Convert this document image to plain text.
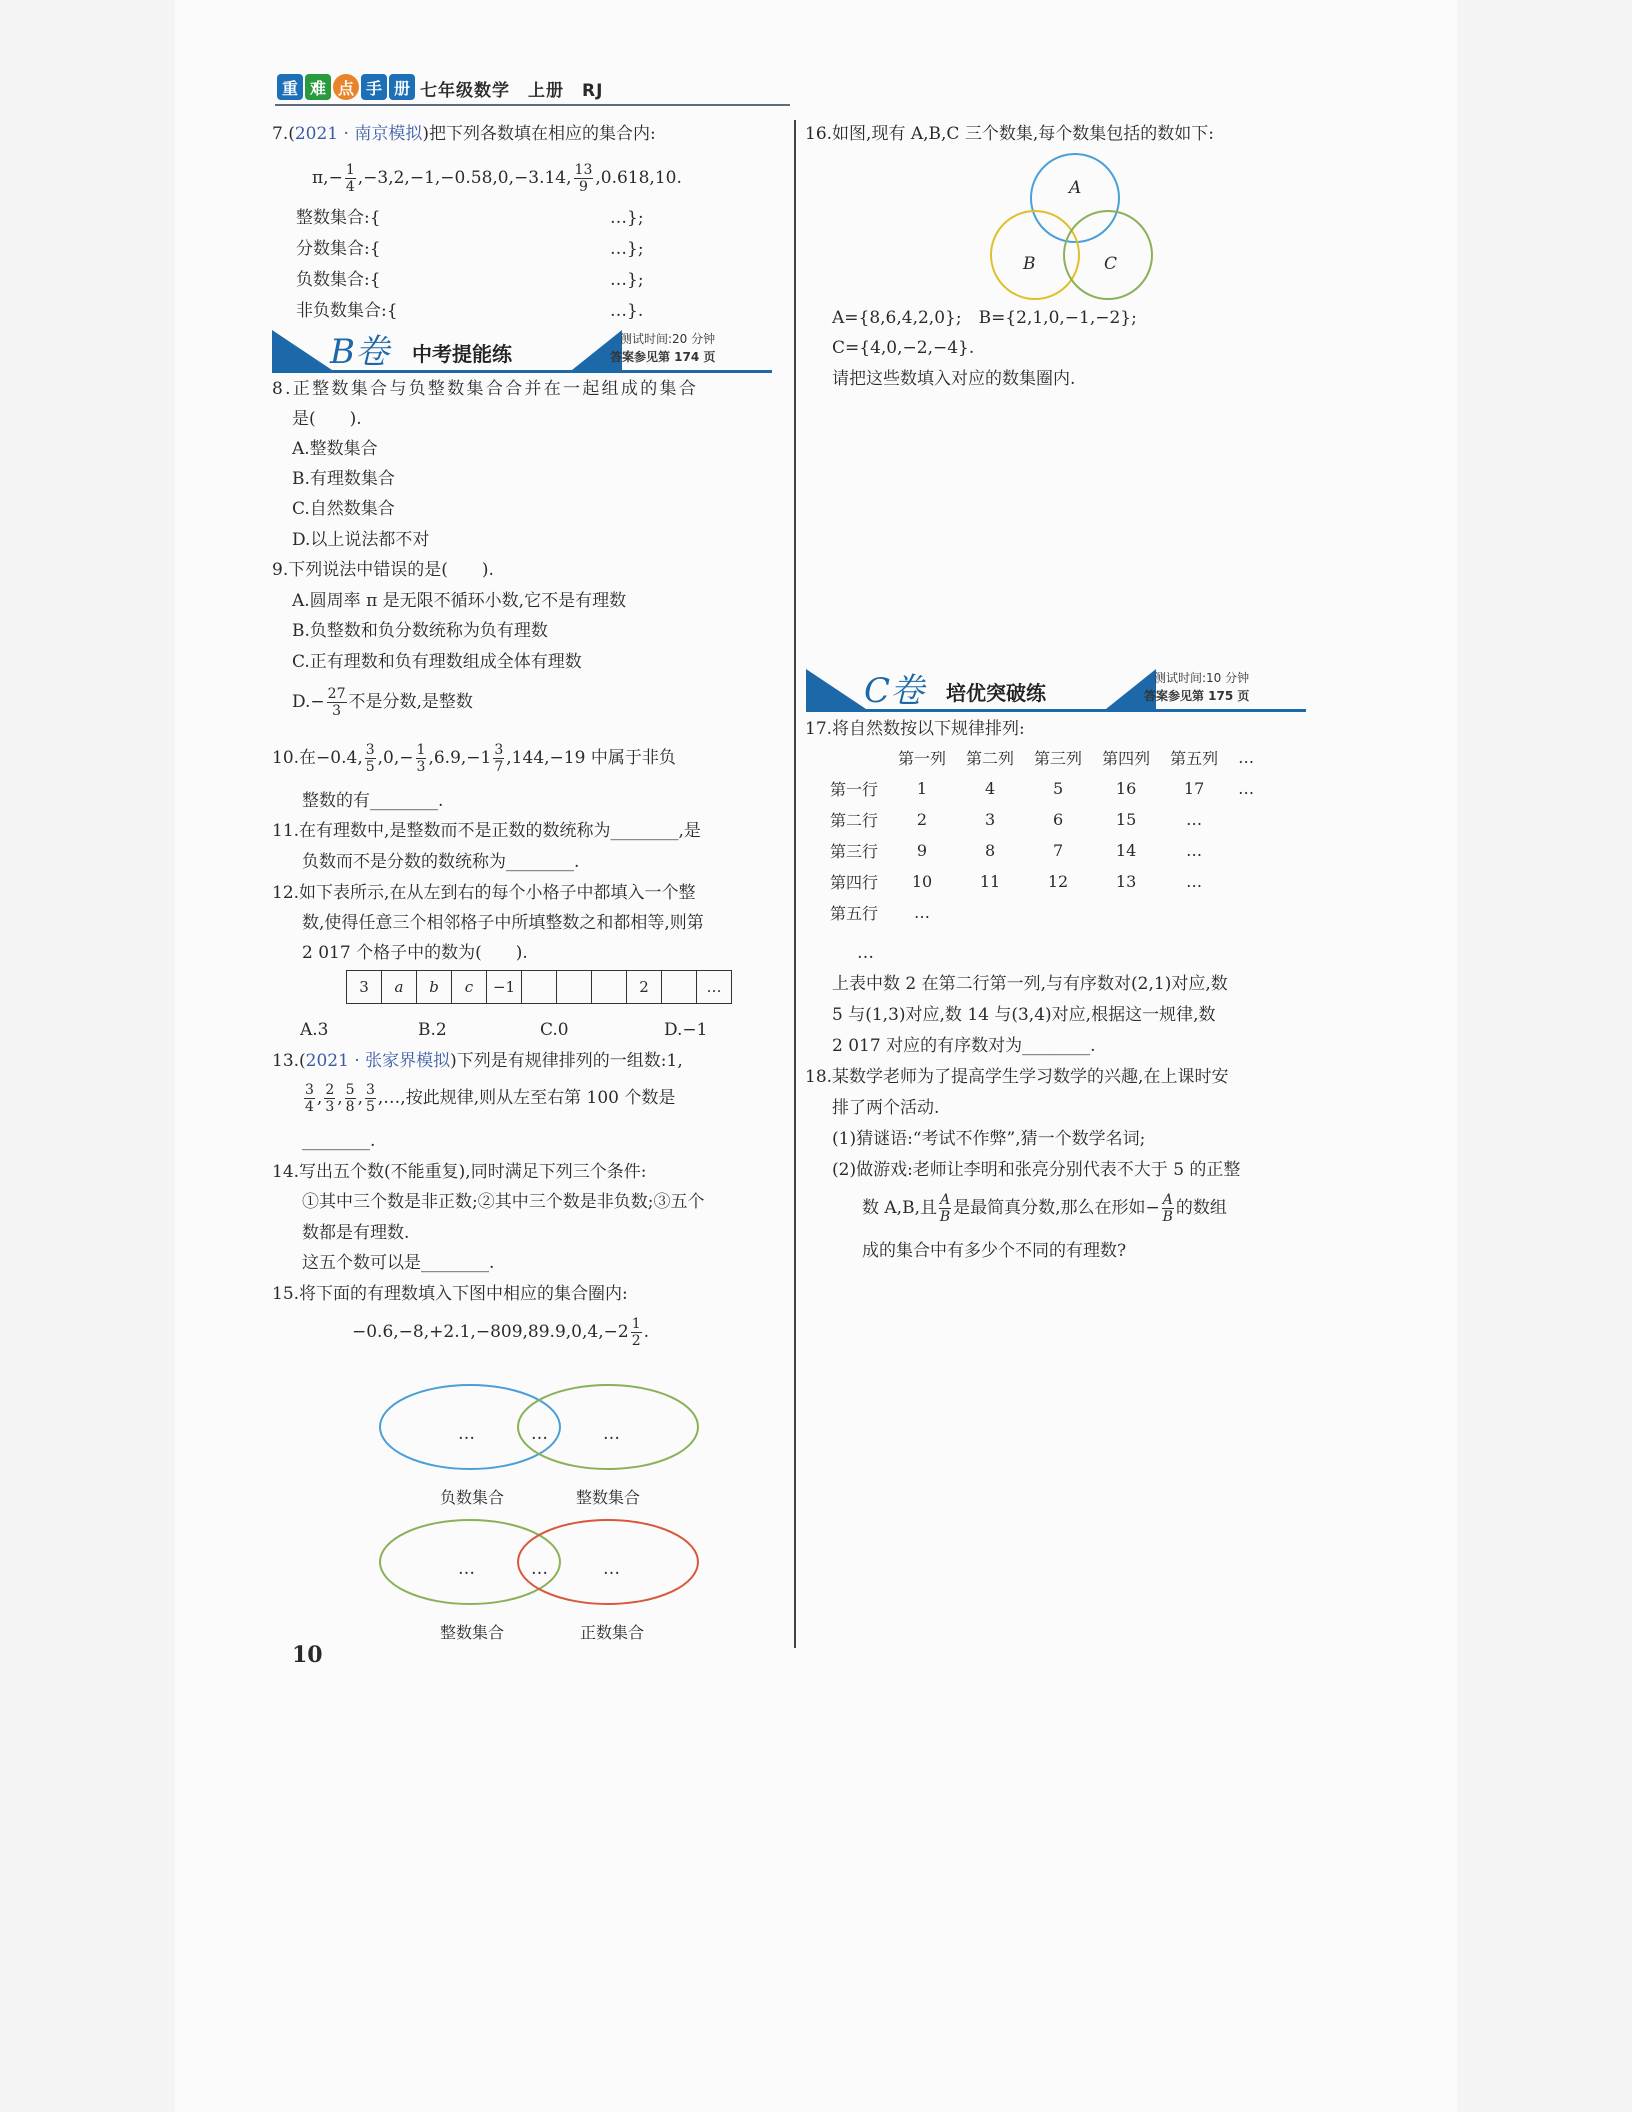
重 难 点 手 册 七年级数学　上册　RJ
7.(2021 · 南京模拟)把下列各数填在相应的集合内:
$\pi,- \frac{1}{4} ,-3,2,-1,-0.58,0,-3.14$, $\frac{13}{9} ,0.618,10$.
整数集合:{	…};
分数集合:{	…};
负数集合:{	…};
非负数集合:{	…}.
B卷 中考提能练
测试时间:20 分钟
答案参见第 174 页
8.正整数集合与负整数集合合并在一起组成的集合
是(　　).
A.整数集合
B.有理数集合
C.自然数集合
D.以上说法都不对
9.下列说法中错误的是(　　).
A.圆周率 π 是无限不循环小数,它不是有理数
B.负整数和负分数统称为负有理数
C.正有理数和负有理数组成全体有理数
$D.- \frac{27}{3}$ 不是分数,是整数
10.在−0.4, $\frac{3}{5} ,0,- \frac{1}{3} ,6.9,-1 \frac{3}{7} ,144,-19$ 中属于非负
整数的有________.
11.在有理数中,是整数而不是正数的数统称为________,是
负数而不是分数的数统称为________.
12.如下表所示,在从左到右的每个小格子中都填入一个整
数,使得任意三个相邻格子中所填整数之和都相等,则第
2 017 个格子中的数为(　　).
3	a	b	c	−1				2		…
A.3	B.2	C.0	D.−1
13.(2021 · 张家界模拟)下列是有规律排列的一组数:1,
$\frac{3}{4}$ , $\frac{2}{3}$ , $\frac{5}{8}$ , $\frac{3}{5}$ ,…,按此规律,则从左至右第 100 个数是
________.
14.写出五个数(不能重复),同时满足下列三个条件:
①其中三个数是非正数;②其中三个数是非负数;③五个
数都是有理数.
这五个数可以是________.
15.将下面的有理数填入下图中相应的集合圈内:
$-0.6,-8,+2.1,-809,89.9,0,4,-2 \frac{1}{2}$ .
…	…	…
负数集合	整数集合
…	…	…
整数集合	正数集合
10
16.如图,现有 A,B,C 三个数集,每个数集包括的数如下:
A
B	C
A={8,6,4,2,0};　B={2,1,0,−1,−2};
C={4,0,−2,−4}.
请把这些数填入对应的数集圈内.
C卷 培优突破练
测试时间:10 分钟
答案参见第 175 页
17.将自然数按以下规律排列:
	第一列	第二列	第三列	第四列	第五列	…
第一行	1	4	5	16	17	…
第二行	2	3	6	15	…	
第三行	9	8	7	14	…	
第四行	10	11	12	13	…	
第五行	…					
…
上表中数 2 在第二行第一列,与有序数对(2,1)对应,数
5 与(1,3)对应,数 14 与(3,4)对应,根据这一规律,数
2 017 对应的有序数对为________.
18.某数学老师为了提高学生学习数学的兴趣,在上课时安
排了两个活动.
(1)猜谜语:“考试不作弊”,猜一个数学名词;
(2)做游戏:老师让李明和张亮分别代表不大于 5 的正整
数 A,B,且 $\frac{A}{B}$ 是最简真分数,那么在形如− $\frac{A}{B}$ 的数组
成的集合中有多少个不同的有理数?
